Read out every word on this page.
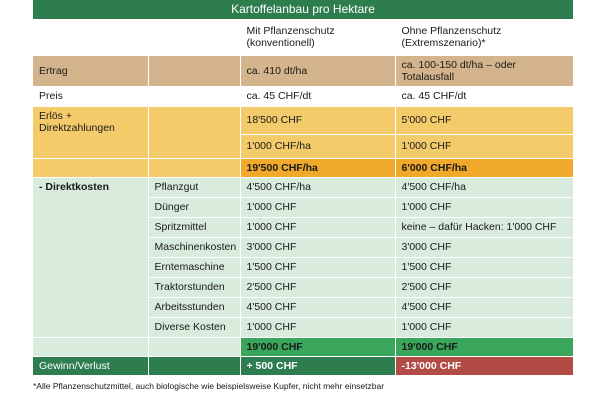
Kartoffelanbau pro Hektare
		Mit Pflanzenschutz (konventionell)	Ohne Pflanzenschutz (Extremszenario)*
Ertrag		ca. 410 dt/ha	ca. 100-150 dt/ha – oder Totalausfall
Preis		ca. 45 CHF/dt	ca. 45 CHF/dt
Erlös + Direktzahlungen		18'500 CHF	5'000 CHF
		1'000 CHF/ha	1'000 CHF
		19'500 CHF/ha	6'000 CHF/ha
- Direktkosten	Pflanzgut	4'500 CHF/ha	4'500 CHF/ha
	Dünger	1'000 CHF	1'000 CHF
	Spritzmittel	1'000 CHF	keine – dafür Hacken: 1'000 CHF
	Maschinenkosten	3'000 CHF	3'000 CHF
	Erntemaschine	1'500 CHF	1'500 CHF
	Traktorstunden	2'500 CHF	2'500 CHF
	Arbeitsstunden	4'500 CHF	4'500 CHF
	Diverse Kosten	1'000 CHF	1'000 CHF
		19'000 CHF	19'000 CHF
Gewinn/Verlust		+ 500 CHF	-13'000 CHF
*Alle Pflanzenschutzmittel, auch biologische wie beispielsweise Kupfer, nicht mehr einsetzbar
